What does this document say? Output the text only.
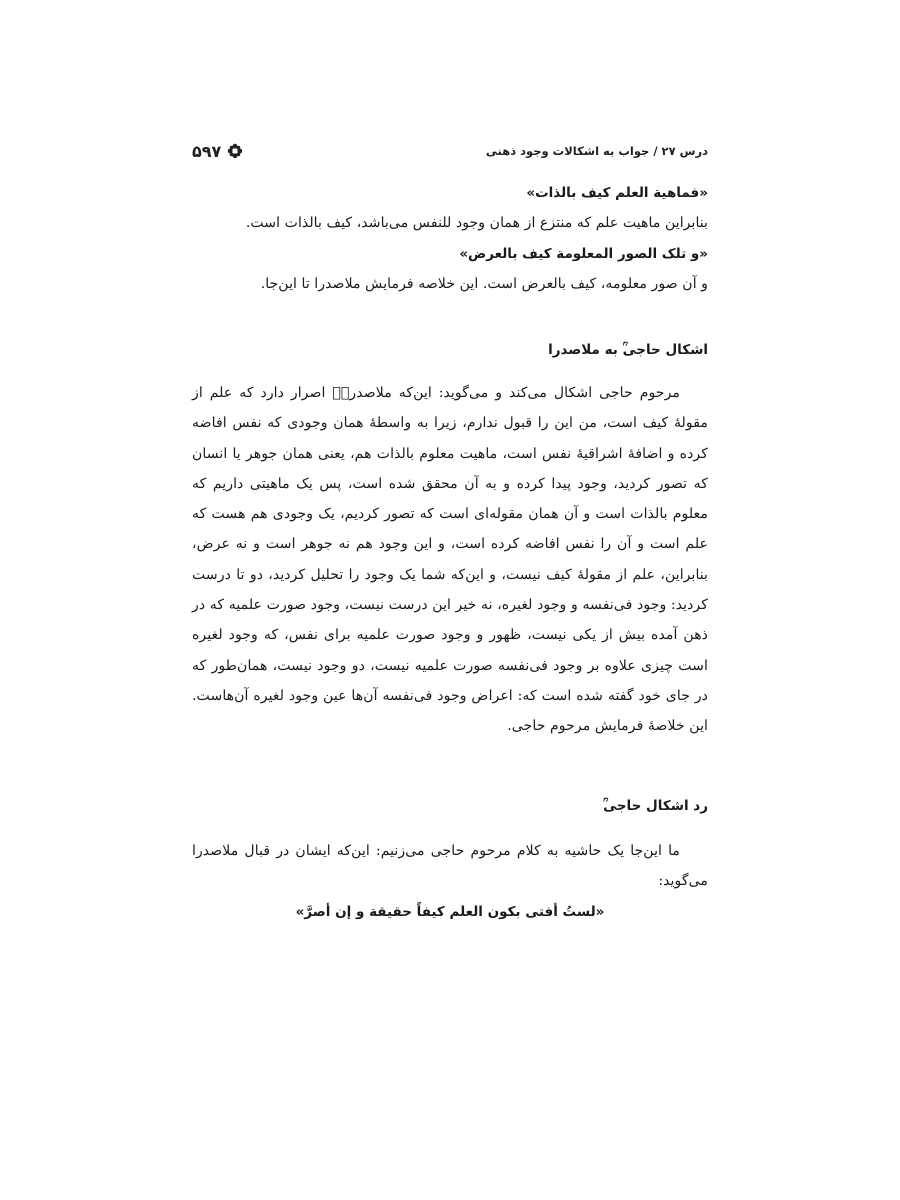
درس ۲۷ / جواب به اشکالات وجود ذهنی
۵۹۷
«فماهیة العلم کیف بالذات»
بنابراین ماهیت علم که منتزع از همان وجود للنفس می‌باشد، کیف بالذات است.
«و تلک الصور المعلومة کیف بالعرض»
و آن صور معلومه، کیف بالعرض است. این خلاصه فرمایش ملاصدرا تا این‌جا.
اشکال حاجی‌ؒ به ملاصدرا

مرحوم حاجی اشکال می‌کند و می‌گوید: این‌که ملاصدراؒ اصرار دارد که علم از مقولهٔ کیف است، من این را قبول ندارم، زیرا به واسطهٔ همان وجودی که نفس افاضه کرده و اضافهٔ اشراقیهٔ نفس است، ماهیت معلوم بالذات هم، یعنی همان جوهر یا انسان که تصور کردید، وجود پیدا کرده و به آن محقق شده است، پس یک ماهیتی داریم که معلوم بالذات است و آن همان مقوله‌ای است که تصور کردیم، یک وجودی هم هست که علم است و آن را نفس افاضه کرده است، و این وجود هم نه جوهر است و نه عرض، بنابراین، علم از مقولهٔ کیف نیست، و این‌که شما یک وجود را تحلیل کردید، دو تا درست کردید: وجود فی‌نفسه و وجود لغیره، نه خیر این درست نیست، وجود صورت علمیه که در ذهن آمده بیش از یکی نیست، ظهور و وجود صورت علمیه برای نفس، که وجود لغیره است چیزی علاوه بر وجود فی‌نفسه صورت علمیه نیست، دو وجود نیست، همان‌طور که در جای خود گفته شده است که: اعراض وجود فی‌نفسه آن‌ها عین وجود لغیره آن‌هاست. این خلاصهٔ فرمایش مرحوم حاجی.

رد اشکال حاجی‌ؒ

ما این‌جا یک حاشیه به کلام مرحوم حاجی می‌زنیم: این‌که ایشان در قبال ملاصدرا می‌گوید:

«لستُ أفتی بکون العلم کیفاً حقیقة و إن أصرَّ»
